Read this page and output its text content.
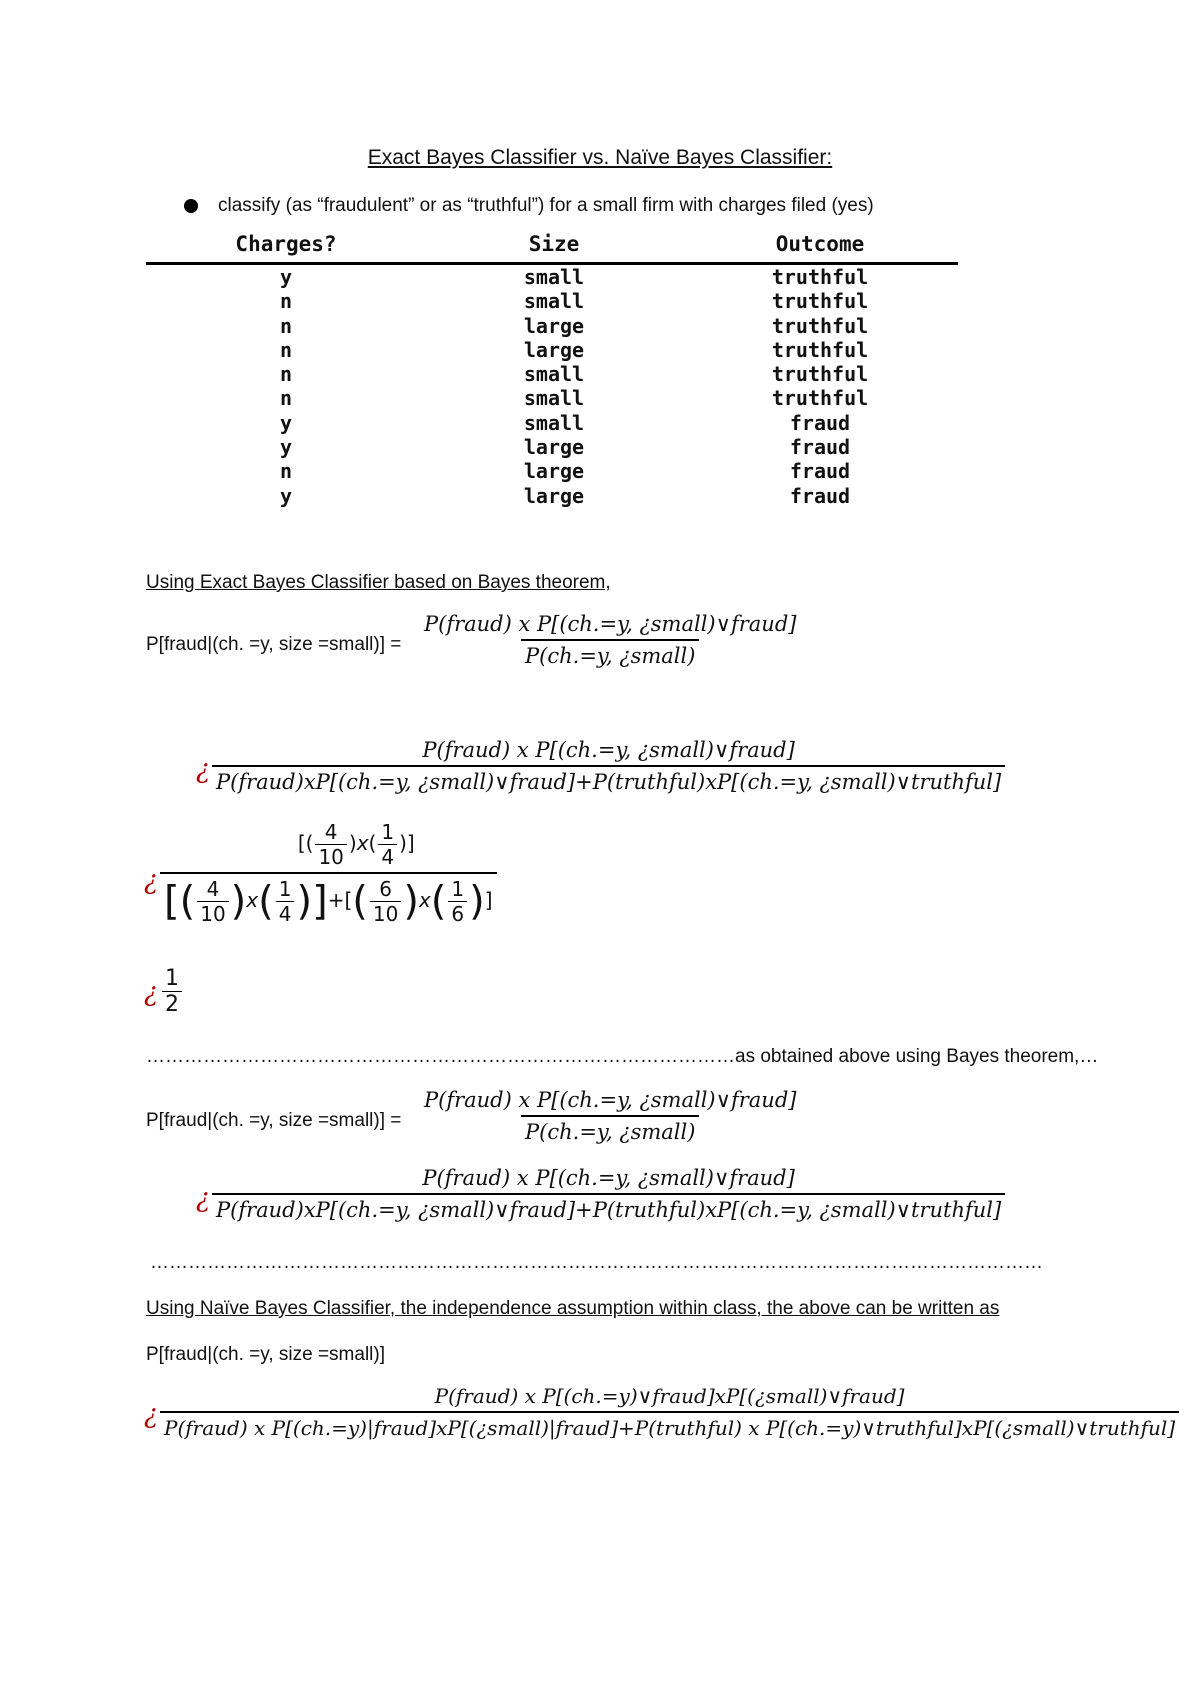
Exact Bayes Classifier vs. Naïve Bayes Classifier:
classify (as “fraudulent” or as “truthful”) for a small firm with charges filed (yes)
Charges?	Size	Outcome
y	small	truthful
n	small	truthful
n	large	truthful
n	large	truthful
n	small	truthful
n	small	truthful
y	small	fraud
y	large	fraud
n	large	fraud
y	large	fraud
Using Exact Bayes Classifier based on Bayes theorem,
P[fraud|(ch. =y, size =small)] =
P(fraud) x P[(ch.=y, ¿small)∨fraud]
P(ch.=y, ¿small)
¿
P(fraud) x P[(ch.=y, ¿small)∨fraud]
P(fraud)xP[(ch.=y, ¿small)∨fraud]+P(truthful)xP[(ch.=y, ¿small)∨truthful]
¿ $\frac{[( \frac{4}{10} )x( \frac{1}{4} )]}{[( \frac{4}{10} )x( \frac{1}{4} )]+[( \frac{6}{10} )x( \frac{1}{6} )]}$
¿ $\frac{1}{2}$
…………………………………………………………………………………as obtained above using Bayes theorem,…
P[fraud|(ch. =y, size =small)] =
P(fraud) x P[(ch.=y, ¿small)∨fraud]
P(ch.=y, ¿small)
¿
P(fraud) x P[(ch.=y, ¿small)∨fraud]
P(fraud)xP[(ch.=y, ¿small)∨fraud]+P(truthful)xP[(ch.=y, ¿small)∨truthful]
……………………………………………………………………………………………………………………………
Using Naïve Bayes Classifier, the independence assumption within class, the above can be written as
P[fraud|(ch. =y, size =small)]
¿
P(fraud) x P[(ch.=y)∨fraud]xP[(¿small)∨fraud]
P(fraud) x P[(ch.=y)|fraud]xP[(¿small)|fraud]+P(truthful) x P[(ch.=y)∨truthful]xP[(¿small)∨truthful]
